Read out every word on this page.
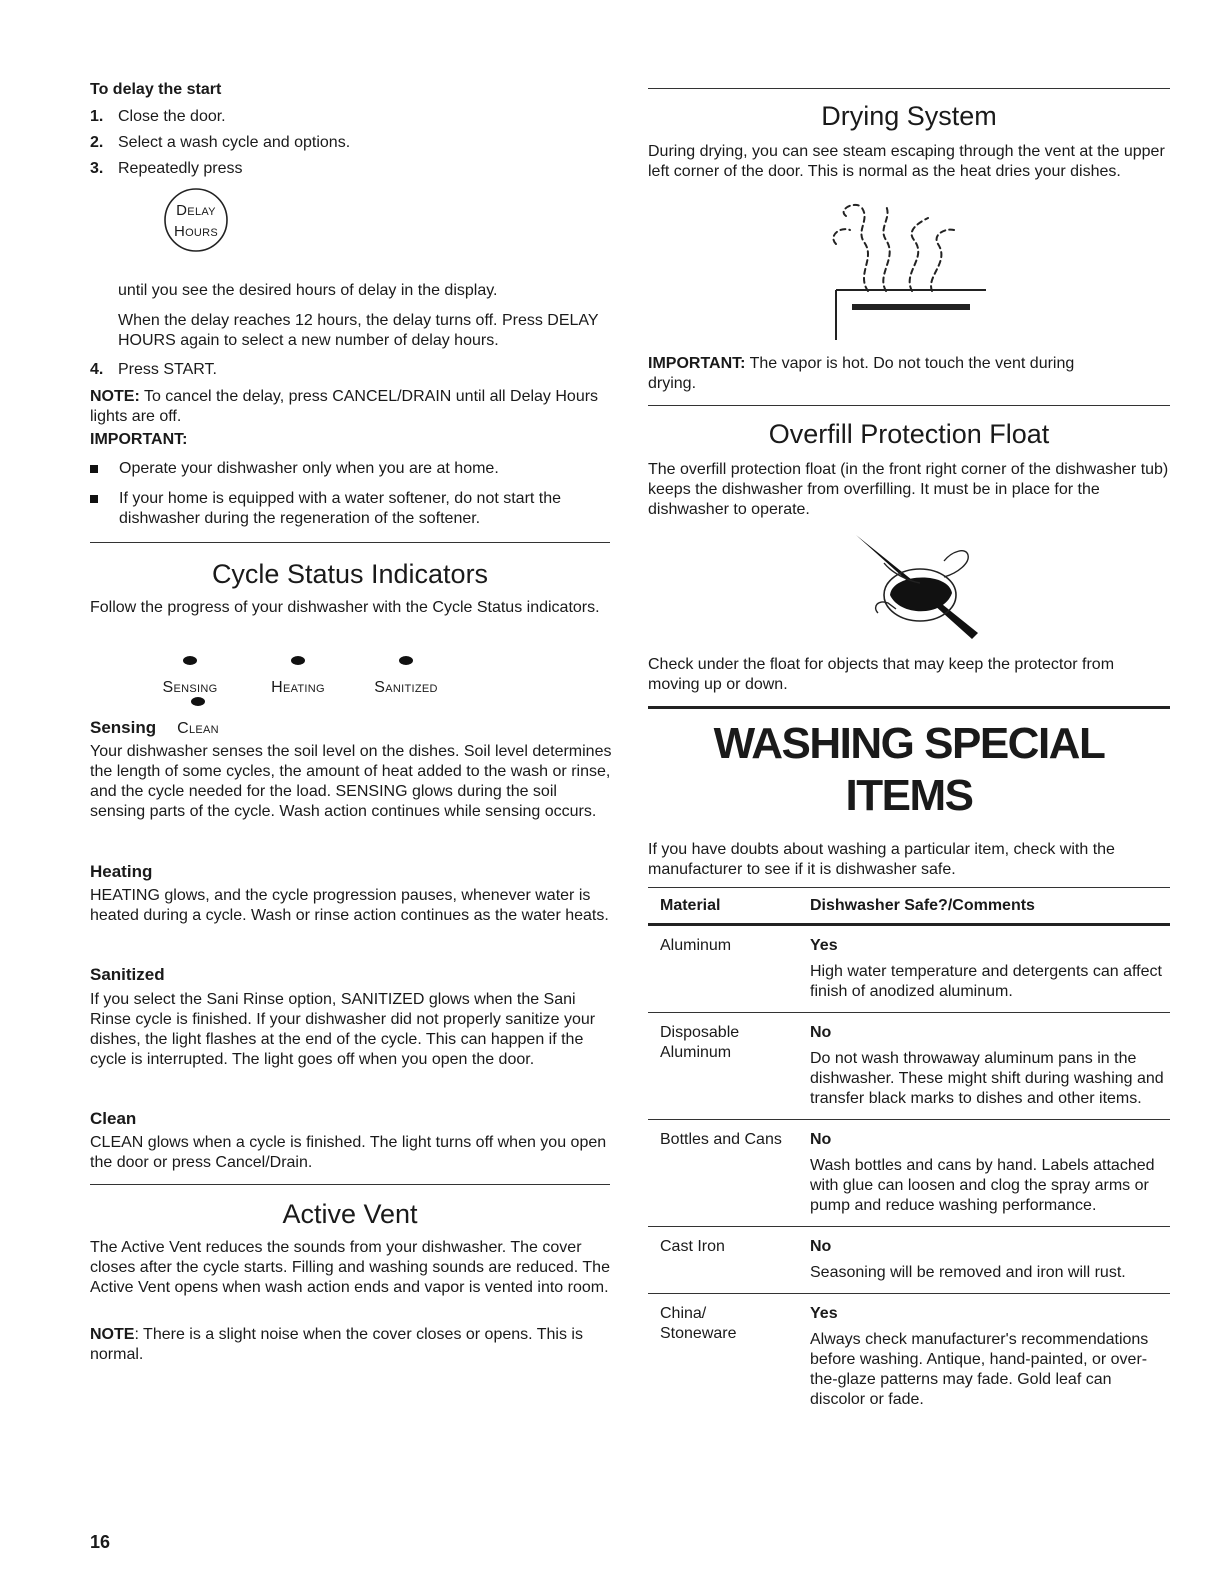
To delay the start
1. Close the door.
2. Select a wash cycle and options.
3. Repeatedly press
Delay
Hours

until you see the desired hours of delay in the display.

When the delay reaches 12 hours, the delay turns off. Press DELAY HOURS again to select a new number of delay hours.

4. Press START.

NOTE: To cancel the delay, press CANCEL/DRAIN until all Delay Hours lights are off.

IMPORTANT:
Operate your dishwasher only when you are at home.
If your home is equipped with a water softener, do not start the dishwasher during the regeneration of the softener.
Cycle Status Indicators

Follow the progress of your dishwasher with the Cycle Status indicators.

Sensing	Heating	Sanitized
Clean
Sensing

Your dishwasher senses the soil level on the dishes. Soil level determines the length of some cycles, the amount of heat added to the wash or rinse, and the cycle needed for the load. SENSING glows during the soil sensing parts of the cycle. Wash action continues while sensing occurs.

Heating

HEATING glows, and the cycle progression pauses, whenever water is heated during a cycle. Wash or rinse action continues as the water heats.

Sanitized

If you select the Sani Rinse option, SANITIZED glows when the Sani Rinse cycle is finished. If your dishwasher did not properly sanitize your dishes, the light flashes at the end of the cycle. This can happen if the cycle is interrupted. The light goes off when you open the door.

Clean

CLEAN glows when a cycle is finished. The light turns off when you open the door or press Cancel/Drain.

Active Vent

The Active Vent reduces the sounds from your dishwasher. The cover closes after the cycle starts. Filling and washing sounds are reduced. The Active Vent opens when wash action ends and vapor is vented into room.

NOTE: There is a slight noise when the cover closes or opens. This is normal.

16
Drying System

During drying, you can see steam escaping through the vent at the upper left corner of the door. This is normal as the heat dries your dishes.

IMPORTANT: The vapor is hot. Do not touch the vent during drying.

Overfill Protection Float

The overfill protection float (in the front right corner of the dishwasher tub) keeps the dishwasher from overfilling. It must be in place for the dishwasher to operate.

Check under the float for objects that may keep the protector from moving up or down.

WASHING SPECIAL
ITEMS

If you have doubts about washing a particular item, check with the manufacturer to see if it is dishwasher safe.

Material	Dishwasher Safe?/Comments
Aluminum	Yes
High water temperature and detergents can affect finish of anodized aluminum.

Disposable Aluminum	No
Do not wash throwaway aluminum pans in the dishwasher. These might shift during washing and transfer black marks to dishes and other items.

Bottles and Cans	No
Wash bottles and cans by hand. Labels attached with glue can loosen and clog the spray arms or pump and reduce washing performance.

Cast Iron	No
Seasoning will be removed and iron will rust.

China/ Stoneware	Yes
Always check manufacturer's recommendations before washing. Antique, hand-painted, or over-the-glaze patterns may fade. Gold leaf can discolor or fade.
